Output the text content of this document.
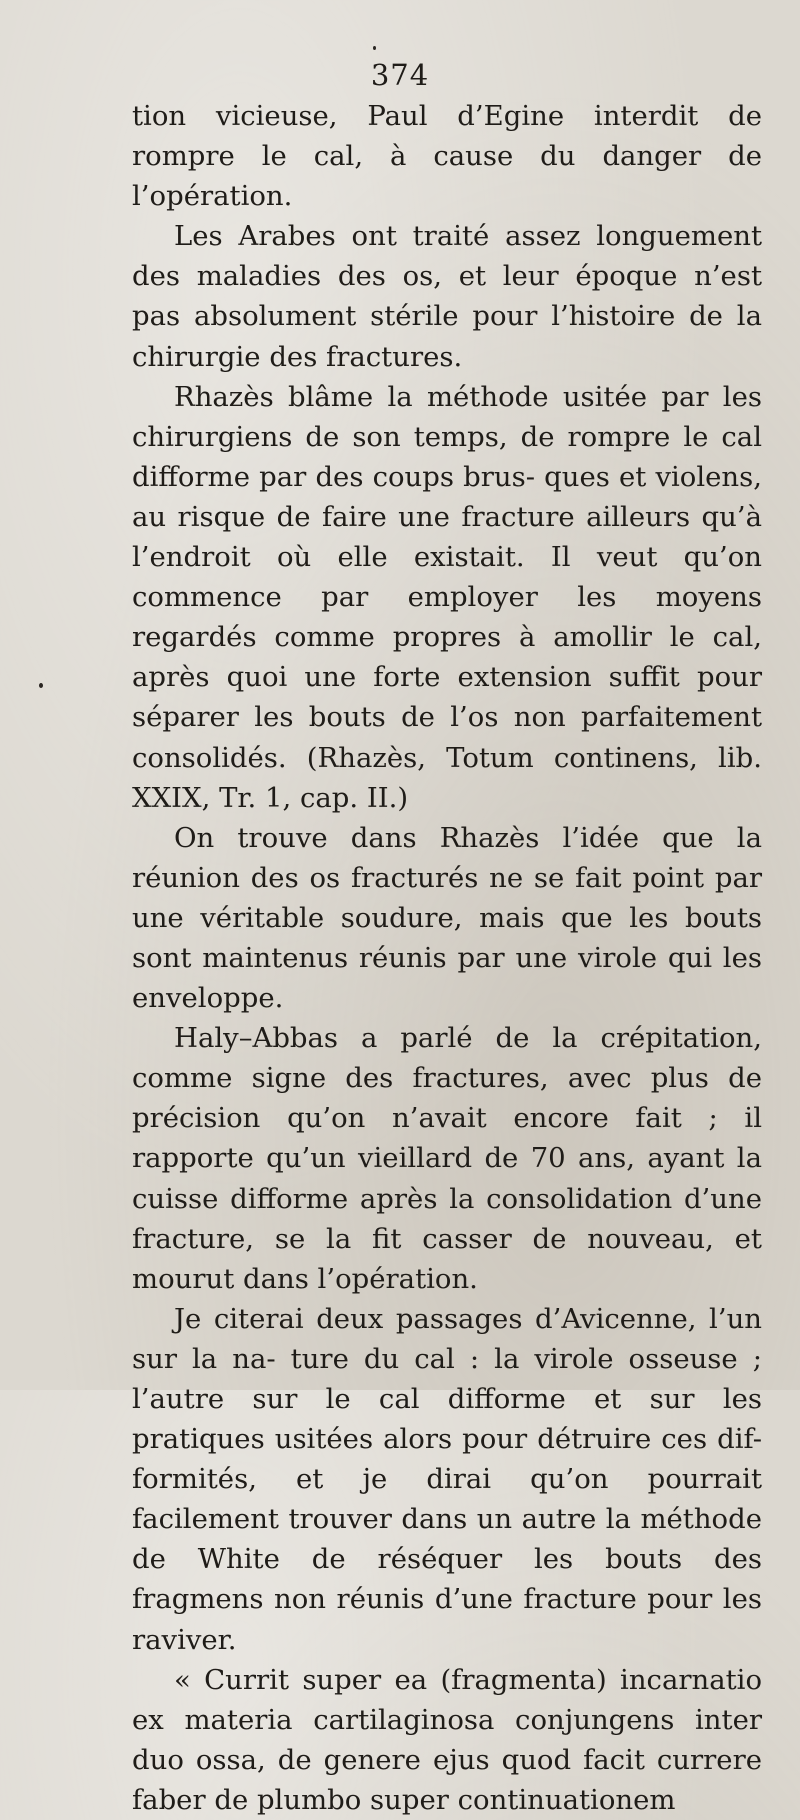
374

tion vicieuse, Paul d’Egine interdit de rompre le cal, à cause du danger de l’opération.

Les Arabes ont traité assez longuement des maladies des os, et leur époque n’est pas absolument stérile pour l’histoire de la chirurgie des fractures.

Rhazès blâme la méthode usitée par les chirurgiens de son temps, de rompre le cal difforme par des coups brus- ques et violens, au risque de faire une fracture ailleurs qu’à l’endroit où elle existait. Il veut qu’on commence par employer les moyens regardés comme propres à amollir le cal, après quoi une forte extension suffit pour séparer les bouts de l’os non parfaitement consolidés. (Rhazès, Totum continens, lib. XXIX, Tr. 1, cap. II.)

On trouve dans Rhazès l’idée que la réunion des os fracturés ne se fait point par une véritable soudure, mais que les bouts sont maintenus réunis par une virole qui les enveloppe.

Haly–Abbas a parlé de la crépitation, comme signe des fractures, avec plus de précision qu’on n’avait encore fait ; il rapporte qu’un vieillard de 70 ans, ayant la cuisse difforme après la consolidation d’une fracture, se la fit casser de nouveau, et mourut dans l’opération.

Je citerai deux passages d’Avicenne, l’un sur la na- ture du cal : la virole osseuse ; l’autre sur le cal difforme et sur les pratiques usitées alors pour détruire ces dif- formités, et je dirai qu’on pourrait facilement trouver dans un autre la méthode de White de réséquer les bouts des fragmens non réunis d’une fracture pour les raviver.

« Currit super ea (fragmenta) incarnatio ex materia cartilaginosa conjungens inter duo ossa, de genere ejus quod facit currere faber de plumbo super continuationem
